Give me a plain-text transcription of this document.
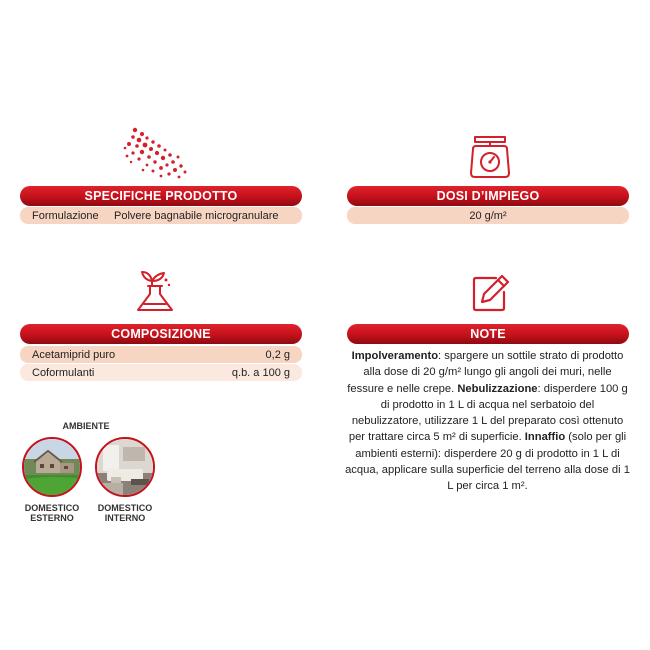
SPECIFICHE PRODOTTO
Formulazione	Polvere bagnabile microgranulare
DOSI D’IMPIEGO
20 g/m²
COMPOSIZIONE
Acetamiprid puro	0,2 g
Coformulanti	q.b. a 100 g
NOTE
Impolveramento: spargere un sottile strato di prodotto alla dose di 20 g/m² lungo gli angoli dei muri, nelle fessure e nelle crepe. Nebulizzazione: disperdere 100 g di prodotto in 1 L di acqua nel serbatoio del nebulizzatore, utilizzare 1 L del preparato così ottenuto per trattare circa 5 m² di superficie. Innaffio (solo per gli ambienti esterni): disperdere 20 g di prodotto in 1 L di acqua, applicare sulla superficie del terreno alla dose di 1 L per circa 1 m².
AMBIENTE
DOMESTICO
ESTERNO
DOMESTICO
INTERNO
